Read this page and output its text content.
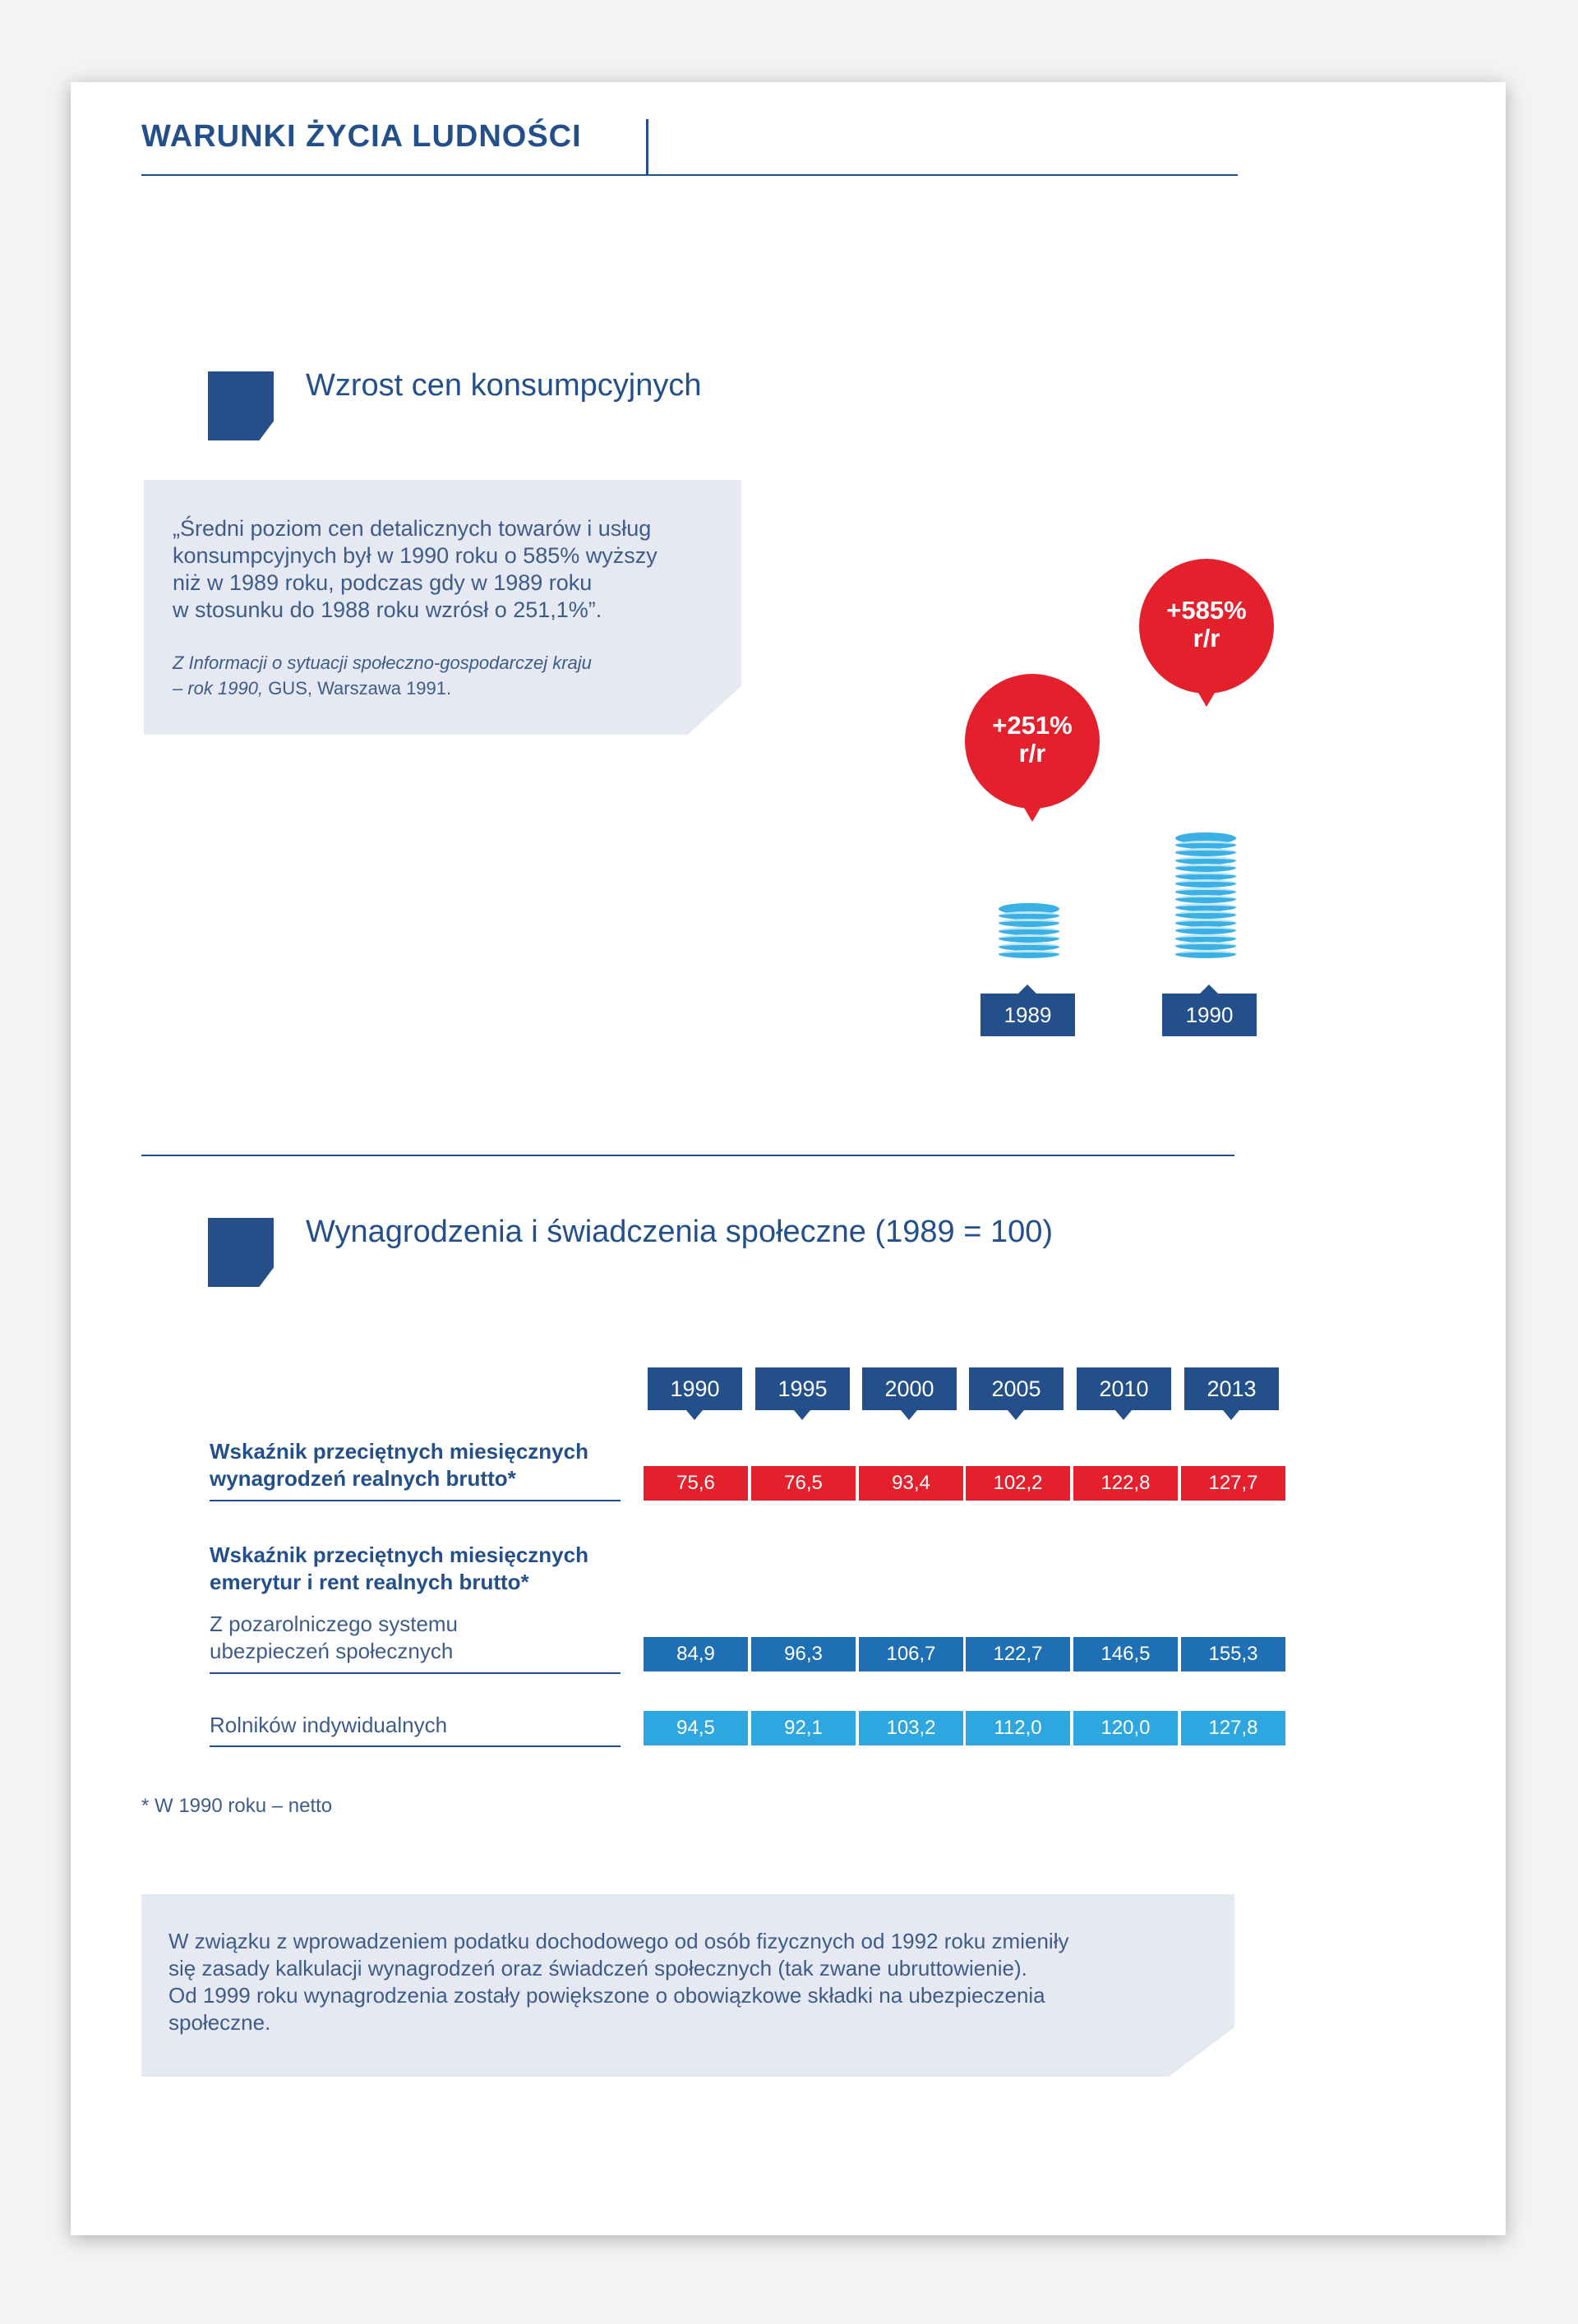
WARUNKI ŻYCIA LUDNOŚCI
Wzrost cen konsumpcyjnych
„Średni poziom cen detalicznych towarów i usług
konsumpcyjnych był w 1990 roku o 585% wyższy
niż w 1989 roku, podczas gdy w 1989 roku
w stosunku do 1988 roku wzrósł o 251,1%”.
Z Informacji o sytuacji społeczno-gospodarczej kraju
– rok 1990, GUS, Warszawa 1991.
+251%
r/r
1989
+585%
r/r
1990
Wynagrodzenia i świadczenia społeczne (1989 = 100)
1990	1995	2000	2005	2010	2013
Wskaźnik przeciętnych miesięcznych
wynagrodzeń realnych brutto*	75,6	76,5	93,4	102,2	122,8	127,7
Wskaźnik przeciętnych miesięcznych
emerytur i rent realnych brutto*
Z pozarolniczego systemu
ubezpieczeń społecznych	84,9	96,3	106,7	122,7	146,5	155,3
Rolników indywidualnych	94,5	92,1	103,2	112,0	120,0	127,8
* W 1990 roku – netto
W związku z wprowadzeniem podatku dochodowego od osób fizycznych od 1992 roku zmieniły
się zasady kalkulacji wynagrodzeń oraz świadczeń społecznych (tak zwane ubruttowienie).
Od 1999 roku wynagrodzenia zostały powiększone o obowiązkowe składki na ubezpieczenia
społeczne.
